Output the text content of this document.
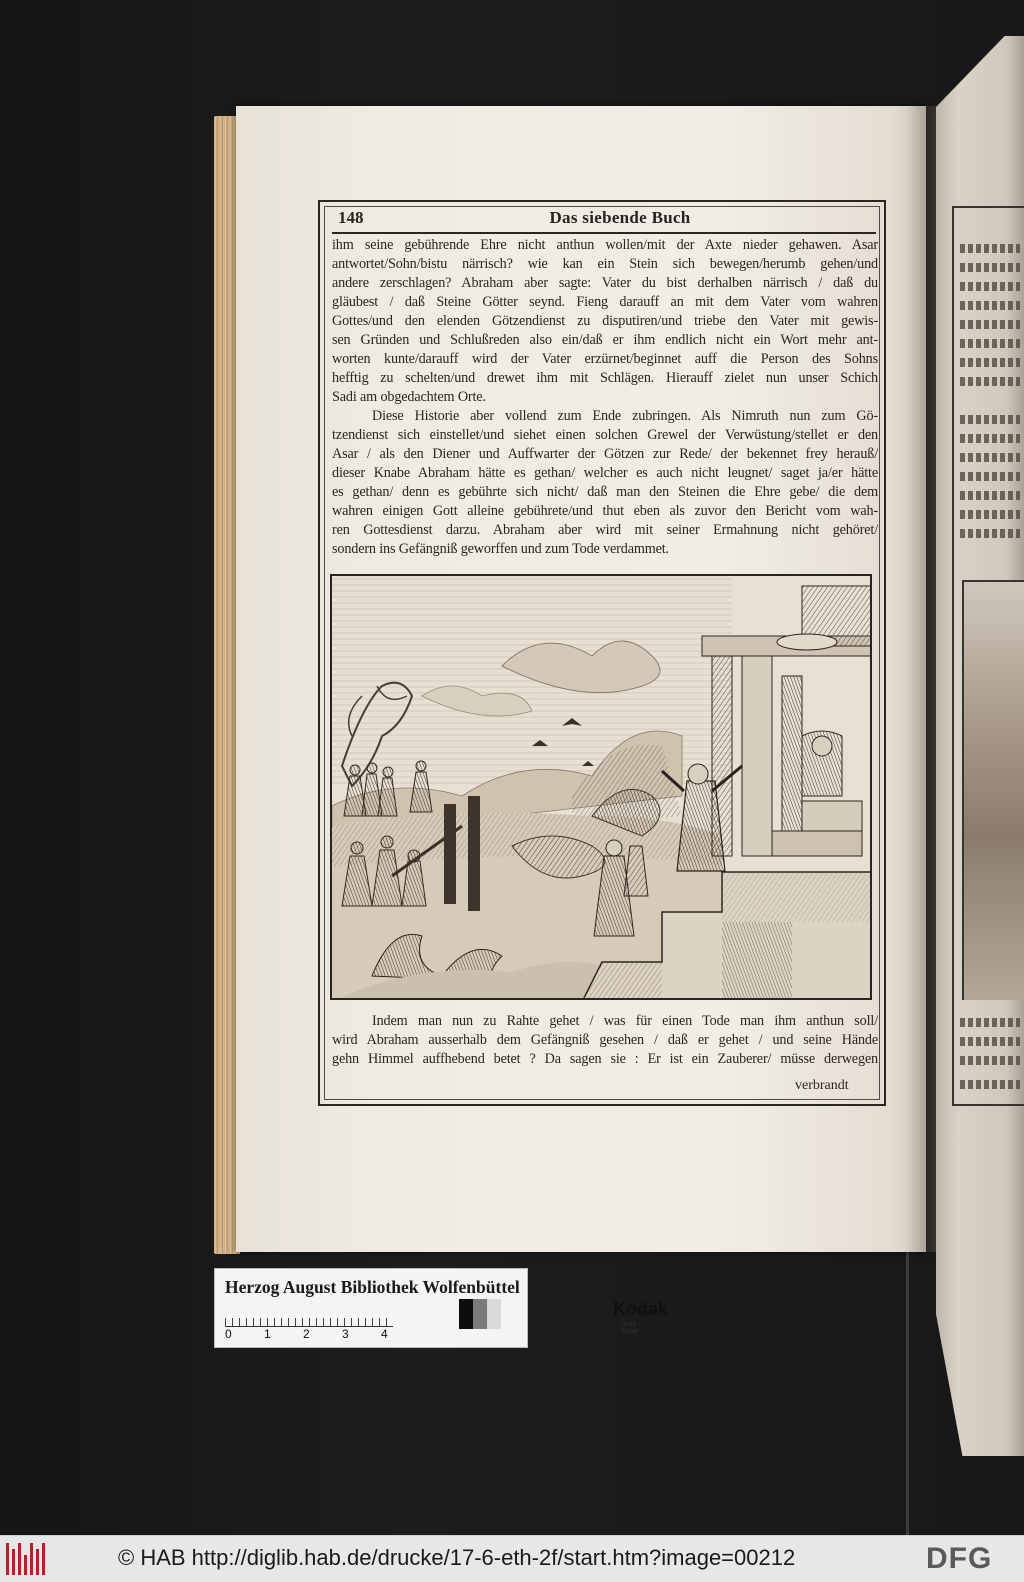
148	Das siebende Buch
ihm seine gebührende Ehre nicht anthun wollen/mit der Axte nieder gehawen. Asar
antwortet/Sohn/bistu närrisch? wie kan ein Stein sich bewegen/herumb gehen/und
andere zerschlagen? Abraham aber sagte: Vater du bist derhalben närrisch / daß du
gläubest / daß Steine Götter seynd. Fieng darauff an mit dem Vater vom wahren
Gottes/und den elenden Götzendienst zu disputiren/und triebe den Vater mit gewis-
sen Gründen und Schlußreden also ein/daß er ihm endlich nicht ein Wort mehr ant-
worten kunte/darauff wird der Vater erzürnet/beginnet auff die Person des Sohns
hefftig zu schelten/und drewet ihm mit Schlägen. Hierauff zielet nun unser Schich
Sadi am obgedachtem Orte.
Diese Historie aber vollend zum Ende zubringen. Als Nimruth nun zum Gö-
tzendienst sich einstellet/und siehet einen solchen Grewel der Verwüstung/stellet er den
Asar / als den Diener und Auffwarter der Götzen zur Rede/ der bekennet frey herauß/
dieser Knabe Abraham hätte es gethan/ welcher es auch nicht leugnet/ saget ja/er hätte
es gethan/ denn es gebührte sich nicht/ daß man den Steinen die Ehre gebe/ die dem
wahren einigen Gott alleine gebührete/und thut eben als zuvor den Bericht vom wah-
ren Gottesdienst darzu. Abraham aber wird mit seiner Ermahnung nicht gehöret/
sondern ins Gefängniß geworffen und zum Tode verdammet.
Indem man nun zu Rahte gehet / was für einen Tode man ihm anthun soll/
wird Abraham ausserhalb dem Gefängniß gesehen / daß er gehet / und seine Hände
gehn Himmel auffhebend betet ? Da sagen sie : Er ist ein Zauberer/ müsse derwegen
verbrandt
Herzog August Bibliothek Wolfenbüttel
0	1	2	3	4
Kodak
Gray Scale
© HAB http://diglib.hab.de/drucke/17-6-eth-2f/start.htm?image=00212	DFG
